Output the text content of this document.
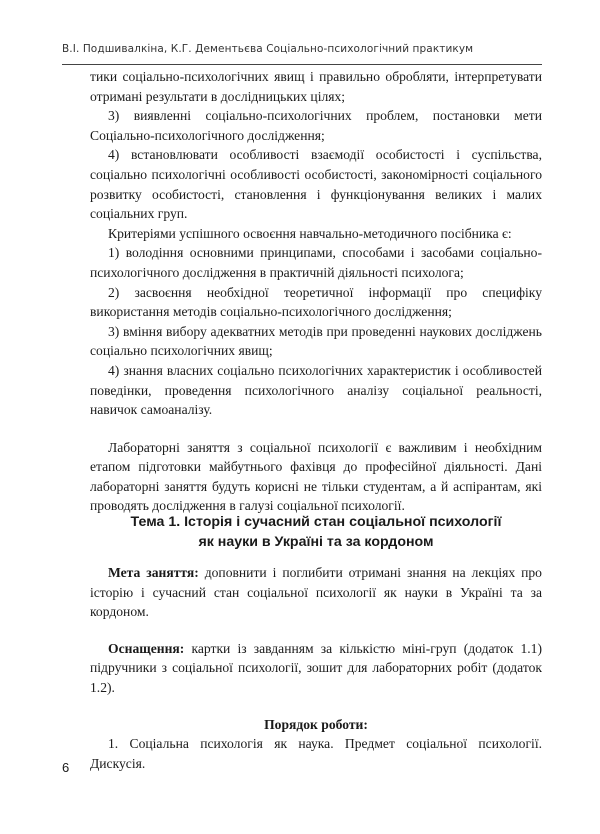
В.І. Подшивалкіна, К.Г. Дементьєва Соціально-психологічний практикум

тики соціально-психологічних явищ і правильно обробляти, інтерпретувати отримані результати в дослідницьких цілях;

3) виявленні соціально-психологічних проблем, постановки мети Соціально-психологічного дослідження;

4) встановлювати особливості взаємодії особистості і суспільства, соціально психологічні особливості особистості, закономірності соціального розвитку особистості, становлення і функціонування великих і малих соціальних груп.

Критеріями успішного освоєння навчально-методичного посібника є:

1) володіння основними принципами, способами і засобами соціально-психологічного дослідження в практичній діяльності психолога;

2) засвоєння необхідної теоретичної інформації про специфіку використання методів соціально-психологічного дослідження;

3) вміння вибору адекватних методів при проведенні наукових досліджень соціально психологічних явищ;

4) знання власних соціально психологічних характеристик і особливостей поведінки, проведення психологічного аналізу соціальної реальності, навичок самоаналізу.

Лабораторні заняття з соціальної психології є важливим і необхідним етапом підготовки майбутнього фахівця до професійної діяльності. Дані лабораторні заняття будуть корисні не тільки студентам, а й аспірантам, які проводять дослідження в галузі соціальної психології.

Тема 1. Історія і сучасний стан соціальної психології
як науки в Україні та за кордоном

Мета заняття: доповнити і поглибити отримані знання на лекціях про історію і сучасний стан соціальної психології як науки в Україні та за кордоном.

Оснащення: картки із завданням за кількістю міні-груп (додаток 1.1) підручники з соціальної психології, зошит для лабораторних робіт (додаток 1.2).

Порядок роботи:

1. Соціальна психологія як наука. Предмет соціальної психології. Дискусія.

6
